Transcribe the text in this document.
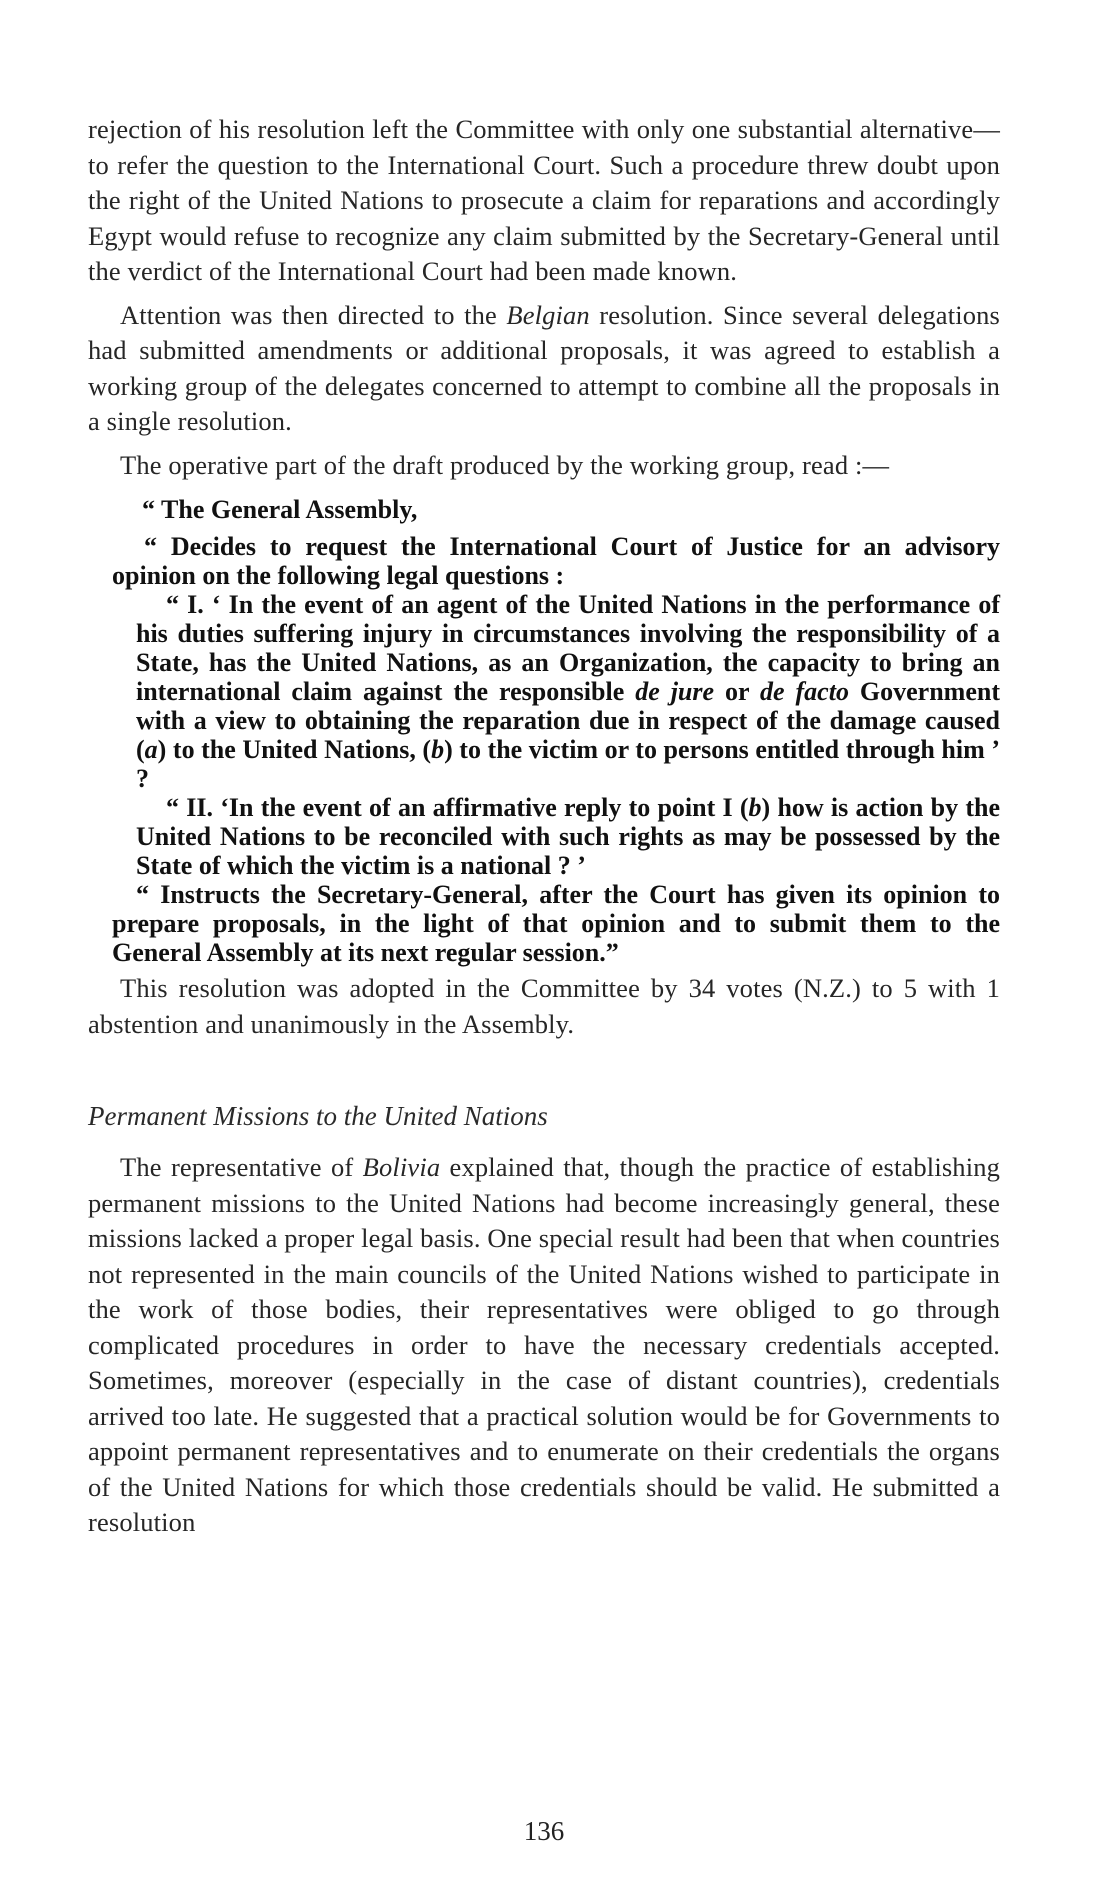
rejection of his resolution left the Committee with only one substantial alternative—to refer the question to the International Court. Such a procedure threw doubt upon the right of the United Nations to prosecute a claim for reparations and accordingly Egypt would refuse to recognize any claim submitted by the Secretary-General until the verdict of the International Court had been made known.

Attention was then directed to the Belgian resolution. Since several delegations had submitted amendments or additional proposals, it was agreed to establish a working group of the delegates concerned to attempt to combine all the proposals in a single resolution.

The operative part of the draft produced by the working group, read :—

“ The General Assembly,

“ Decides to request the International Court of Justice for an advisory opinion on the following legal questions :

“ I. ‘ In the event of an agent of the United Nations in the performance of his duties suffering injury in circumstances involving the responsibility of a State, has the United Nations, as an Organization, the capacity to bring an international claim against the responsible de jure or de facto Government with a view to obtaining the reparation due in respect of the damage caused (a) to the United Nations, (b) to the victim or to persons entitled through him ’ ?

“ II. ‘In the event of an affirmative reply to point I (b) how is action by the United Nations to be reconciled with such rights as may be possessed by the State of which the victim is a national ? ’

“ Instructs the Secretary-General, after the Court has given its opinion to prepare proposals, in the light of that opinion and to submit them to the General Assembly at its next regular session.”

This resolution was adopted in the Committee by 34 votes (N.Z.) to 5 with 1 abstention and unanimously in the Assembly.

Permanent Missions to the United Nations

The representative of Bolivia explained that, though the practice of establishing permanent missions to the United Nations had become increasingly general, these missions lacked a proper legal basis. One special result had been that when countries not represented in the main councils of the United Nations wished to participate in the work of those bodies, their representatives were obliged to go through complicated procedures in order to have the necessary credentials accepted. Sometimes, moreover (especially in the case of distant countries), credentials arrived too late. He suggested that a practical solution would be for Governments to appoint permanent representatives and to enumerate on their credentials the organs of the United Nations for which those credentials should be valid. He submitted a resolution

136
